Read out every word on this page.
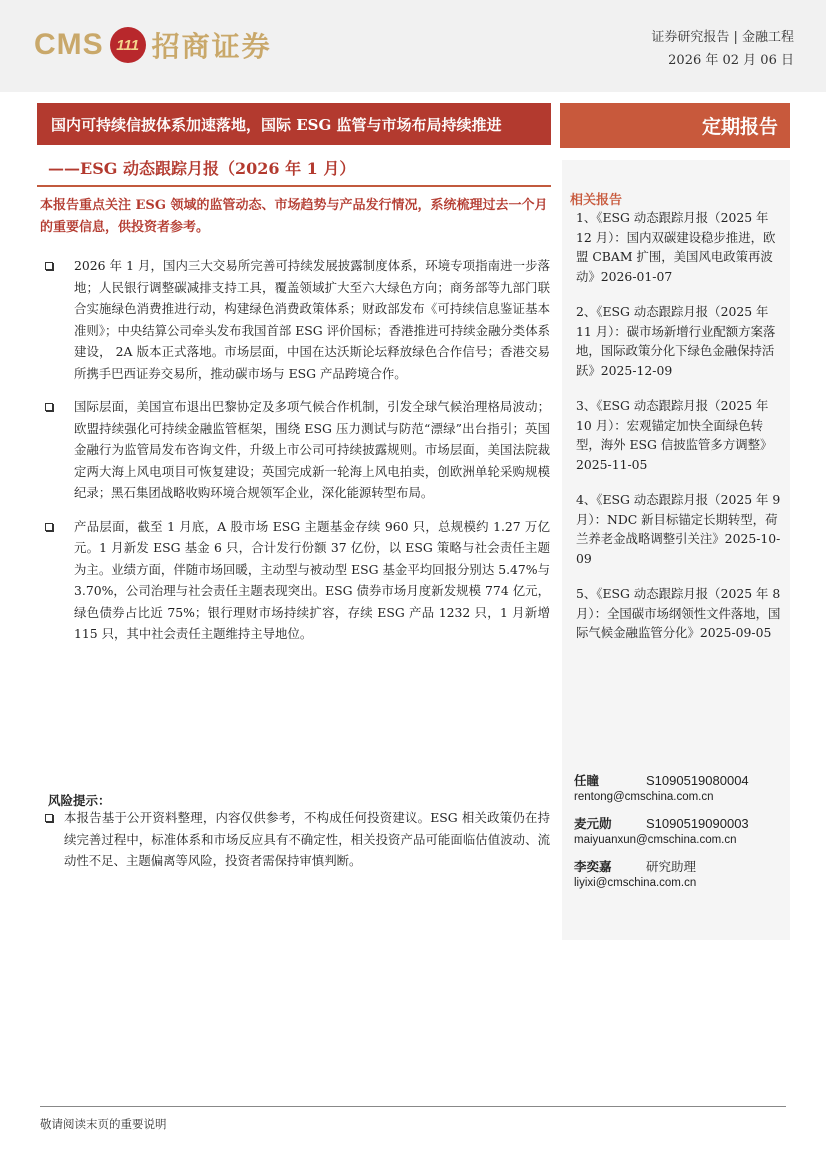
CMS 111 招商证券	证券研究报告 | 金融工程
2026 年 02 月 06 日
国内可持续信披体系加速落地，国际 ESG 监管与市场布局持续推进
——ESG 动态跟踪月报（2026 年 1 月）
定期报告
本报告重点关注 ESG 领域的监管动态、市场趋势与产品发行情况，系统梳理过去一个月的重要信息，供投资者参考。
2026 年 1 月，国内三大交易所完善可持续发展披露制度体系，环境专项指南进一步落地；人民银行调整碳减排支持工具，覆盖领域扩大至六大绿色方向；商务部等九部门联合实施绿色消费推进行动，构建绿色消费政策体系；财政部发布《可持续信息鉴证基本准则》；中央结算公司牵头发布我国首部 ESG 评价国标；香港推进可持续金融分类体系建设， 2A 版本正式落地。市场层面，中国在达沃斯论坛释放绿色合作信号；香港交易所携手巴西证券交易所，推动碳市场与 ESG 产品跨境合作。
国际层面，美国宣布退出巴黎协定及多项气候合作机制，引发全球气候治理格局波动；欧盟持续强化可持续金融监管框架，围绕 ESG 压力测试与防范“漂绿”出台指引；英国金融行为监管局发布咨询文件，升级上市公司可持续披露规则。市场层面，美国法院裁定两大海上风电项目可恢复建设；英国完成新一轮海上风电拍卖，创欧洲单轮采购规模纪录；黑石集团战略收购环境合规领军企业，深化能源转型布局。
产品层面，截至 1 月底，A 股市场 ESG 主题基金存续 960 只，总规模约 1.27 万亿元。1 月新发 ESG 基金 6 只，合计发行份额 37 亿份，以 ESG 策略与社会责任主题为主。业绩方面，伴随市场回暖，主动型与被动型 ESG 基金平均回报分别达 5.47%与 3.70%，公司治理与社会责任主题表现突出。ESG 债券市场月度新发规模 774 亿元，绿色债券占比近 75%；银行理财市场持续扩容，存续 ESG 产品 1232 只，1 月新增 115 只，其中社会责任主题维持主导地位。
风险提示：
本报告基于公开资料整理，内容仅供参考，不构成任何投资建议。ESG 相关政策仍在持续完善过程中，标准体系和市场反应具有不确定性，相关投资产品可能面临估值波动、流动性不足、主题偏离等风险，投资者需保持审慎判断。
相关报告
1、《ESG 动态跟踪月报（2025 年 12 月）：国内双碳建设稳步推进，欧盟 CBAM 扩围，美国风电政策再波动》2026-01-07
2、《ESG 动态跟踪月报（2025 年 11 月）：碳市场新增行业配额方案落地，国际政策分化下绿色金融保持活跃》2025-12-09
3、《ESG 动态跟踪月报（2025 年 10 月）：宏观锚定加快全面绿色转型，海外 ESG 信披监管多方调整》2025-11-05
4、《ESG 动态跟踪月报（2025 年 9 月）：NDC 新目标锚定长期转型，荷兰养老金战略调整引关注》2025-10-09
5、《ESG 动态跟踪月报（2025 年 8 月）：全国碳市场纲领性文件落地，国际气候金融监管分化》2025-09-05
任瞳	S1090519080004
rentong@cmschina.com.cn
麦元勋	S1090519090003
maiyuanxun@cmschina.com.cn
李奕嘉	研究助理
liyixi@cmschina.com.cn
敬请阅读末页的重要说明
